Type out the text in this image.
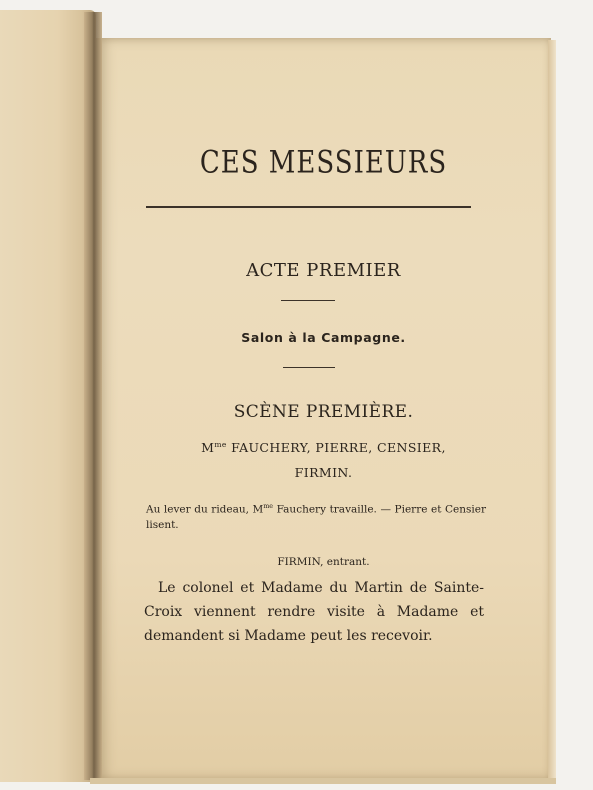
CES MESSIEURS
ACTE PREMIER
Salon à la Campagne.
SCÈNE PREMIÈRE.
$M^{me}$ FAUCHERY, PIERRE, CENSIER,
FIRMIN.
Au lever du rideau, $M^{me}$ Fauchery travaille. — Pierre et Censier lisent.
FIRMIN, entrant.
Le colonel et Madame du Martin de Sainte-Croix viennent rendre visite à Madame et demandent si Madame peut les recevoir.
